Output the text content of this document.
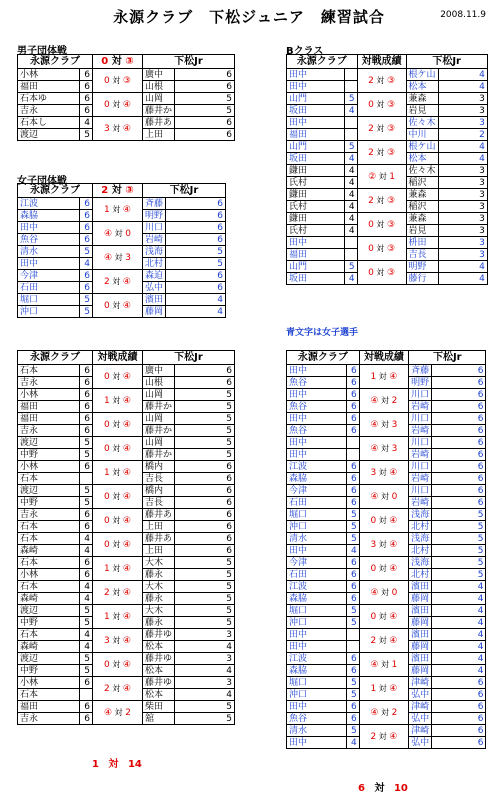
永源クラブ　下松ジュニア　練習試合	2008.11.9
男子団体戦
女子団体戦
Bクラス
青文字は女子選手
永源クラブ		0 対 ③	下松Jr	
小林	6	0 対 ③	廣中	6
福田	6		山根	6
石本ゆ	6	0 対 ④	山岡	5
吉永	6		藤井か	5
石本し	4	3 対 ④	藤井あ	6
渡辺	5		上田	6
永源クラブ		2 対 ③	下松Jr	
江波	6	1 対 ④	斉藤	6
森脇	6		明野	6
田中	6	④ 対 0	川口	6
魚谷	6		岩崎	6
清水	5	④ 対 3	浅海	5
田中	4		北村	5
今津	6	2 対 ④	森迫	6
石田	6		弘中	6
堀口	5	0 対 ④	濱田	4
沖口	5		藤岡	4
永源クラブ		対戦成績	下松Jr	
田中		2 対 ③	根ケ山	4
田中			松本	4
山門	5	0 対 ③	兼森	3
坂田	4		岩見	3
田中		2 対 ③	佐々木	3
福田			中川	2
山門	5	2 対 ③	根ケ山	4
坂田	4		松本	4
鎌田	4	② 対 1	佐々木	3
氏村	4		稲沢	3
鎌田	4	2 対 ③	兼森	3
氏村	4		稲沢	3
鎌田	4	0 対 ③	兼森	3
氏村	4		岩見	3
田中		0 対 ③	枡田	3
福田			吉長	3
山門	5	0 対 ③	明野	4
坂田	4		藤行	4
永源クラブ		対戦成績	下松Jr	
石本	6	0 対 ④	廣中	6
吉永	6		山根	6
小林	6	1 対 ④	山岡	5
福田	6		藤井か	5
福田	6	0 対 ④	山岡	5
吉永	6		藤井か	5
渡辺	5	0 対 ④	山岡	5
中野	5		藤井か	5
小林	6	1 対 ④	橋内	6
石本			吉長	6
渡辺	5	0 対 ④	橋内	6
中野	5		吉長	6
吉永	6	0 対 ④	藤井あ	6
石本	6		上田	6
石本	4	0 対 ④	藤井あ	6
森崎	4		上田	6
石本	6	1 対 ④	大木	5
小林	6		藤永	5
石本	4	2 対 ④	大木	5
森崎	4		藤永	5
渡辺	5	1 対 ④	大木	5
中野	5		藤永	5
石本	4	3 対 ④	藤井ゆ	3
森崎	4		松本	4
渡辺	5	0 対 ④	藤井ゆ	3
中野	5		松本	4
小林	6	2 対 ④	藤井ゆ	3
石本			松本	4
福田	6	④ 対 2	柴田	5
吉永	6		舘	5
永源クラブ		対戦成績	下松Jr	
田中	6	1 対 ④	斉藤	6
魚谷	6		明野	6
田中	6	④ 対 2	川口	6
魚谷	6		岩崎	6
田中	6	④ 対 3	川口	6
魚谷	6		岩崎	6
田中		④ 対 3	川口	6
田中			岩崎	6
江波	6	3 対 ④	川口	6
森脇	6		岩崎	6
今津	6	④ 対 0	川口	6
石田	6		岩崎	6
堀口	5	0 対 ④	浅海	5
沖口	5		北村	5
清水	5	3 対 ④	浅海	5
田中	4		北村	5
今津	6	0 対 ④	浅海	5
石田	6		北村	5
江波	6	④ 対 0	濱田	4
森脇	6		藤岡	4
堀口	5	0 対 ④	濱田	4
沖口	5		藤岡	4
田中		2 対 ④	濱田	4
田中			藤岡	4
江波	6	④ 対 1	濱田	4
森脇	6		藤岡	4
堀口	5	1 対 ④	津崎	6
沖口	5		弘中	6
田中	6	④ 対 2	津崎	6
魚谷	6		弘中	6
清水	5	2 対 ④	津崎	6
田中	4		弘中	6
1 対 14
6 対 10
